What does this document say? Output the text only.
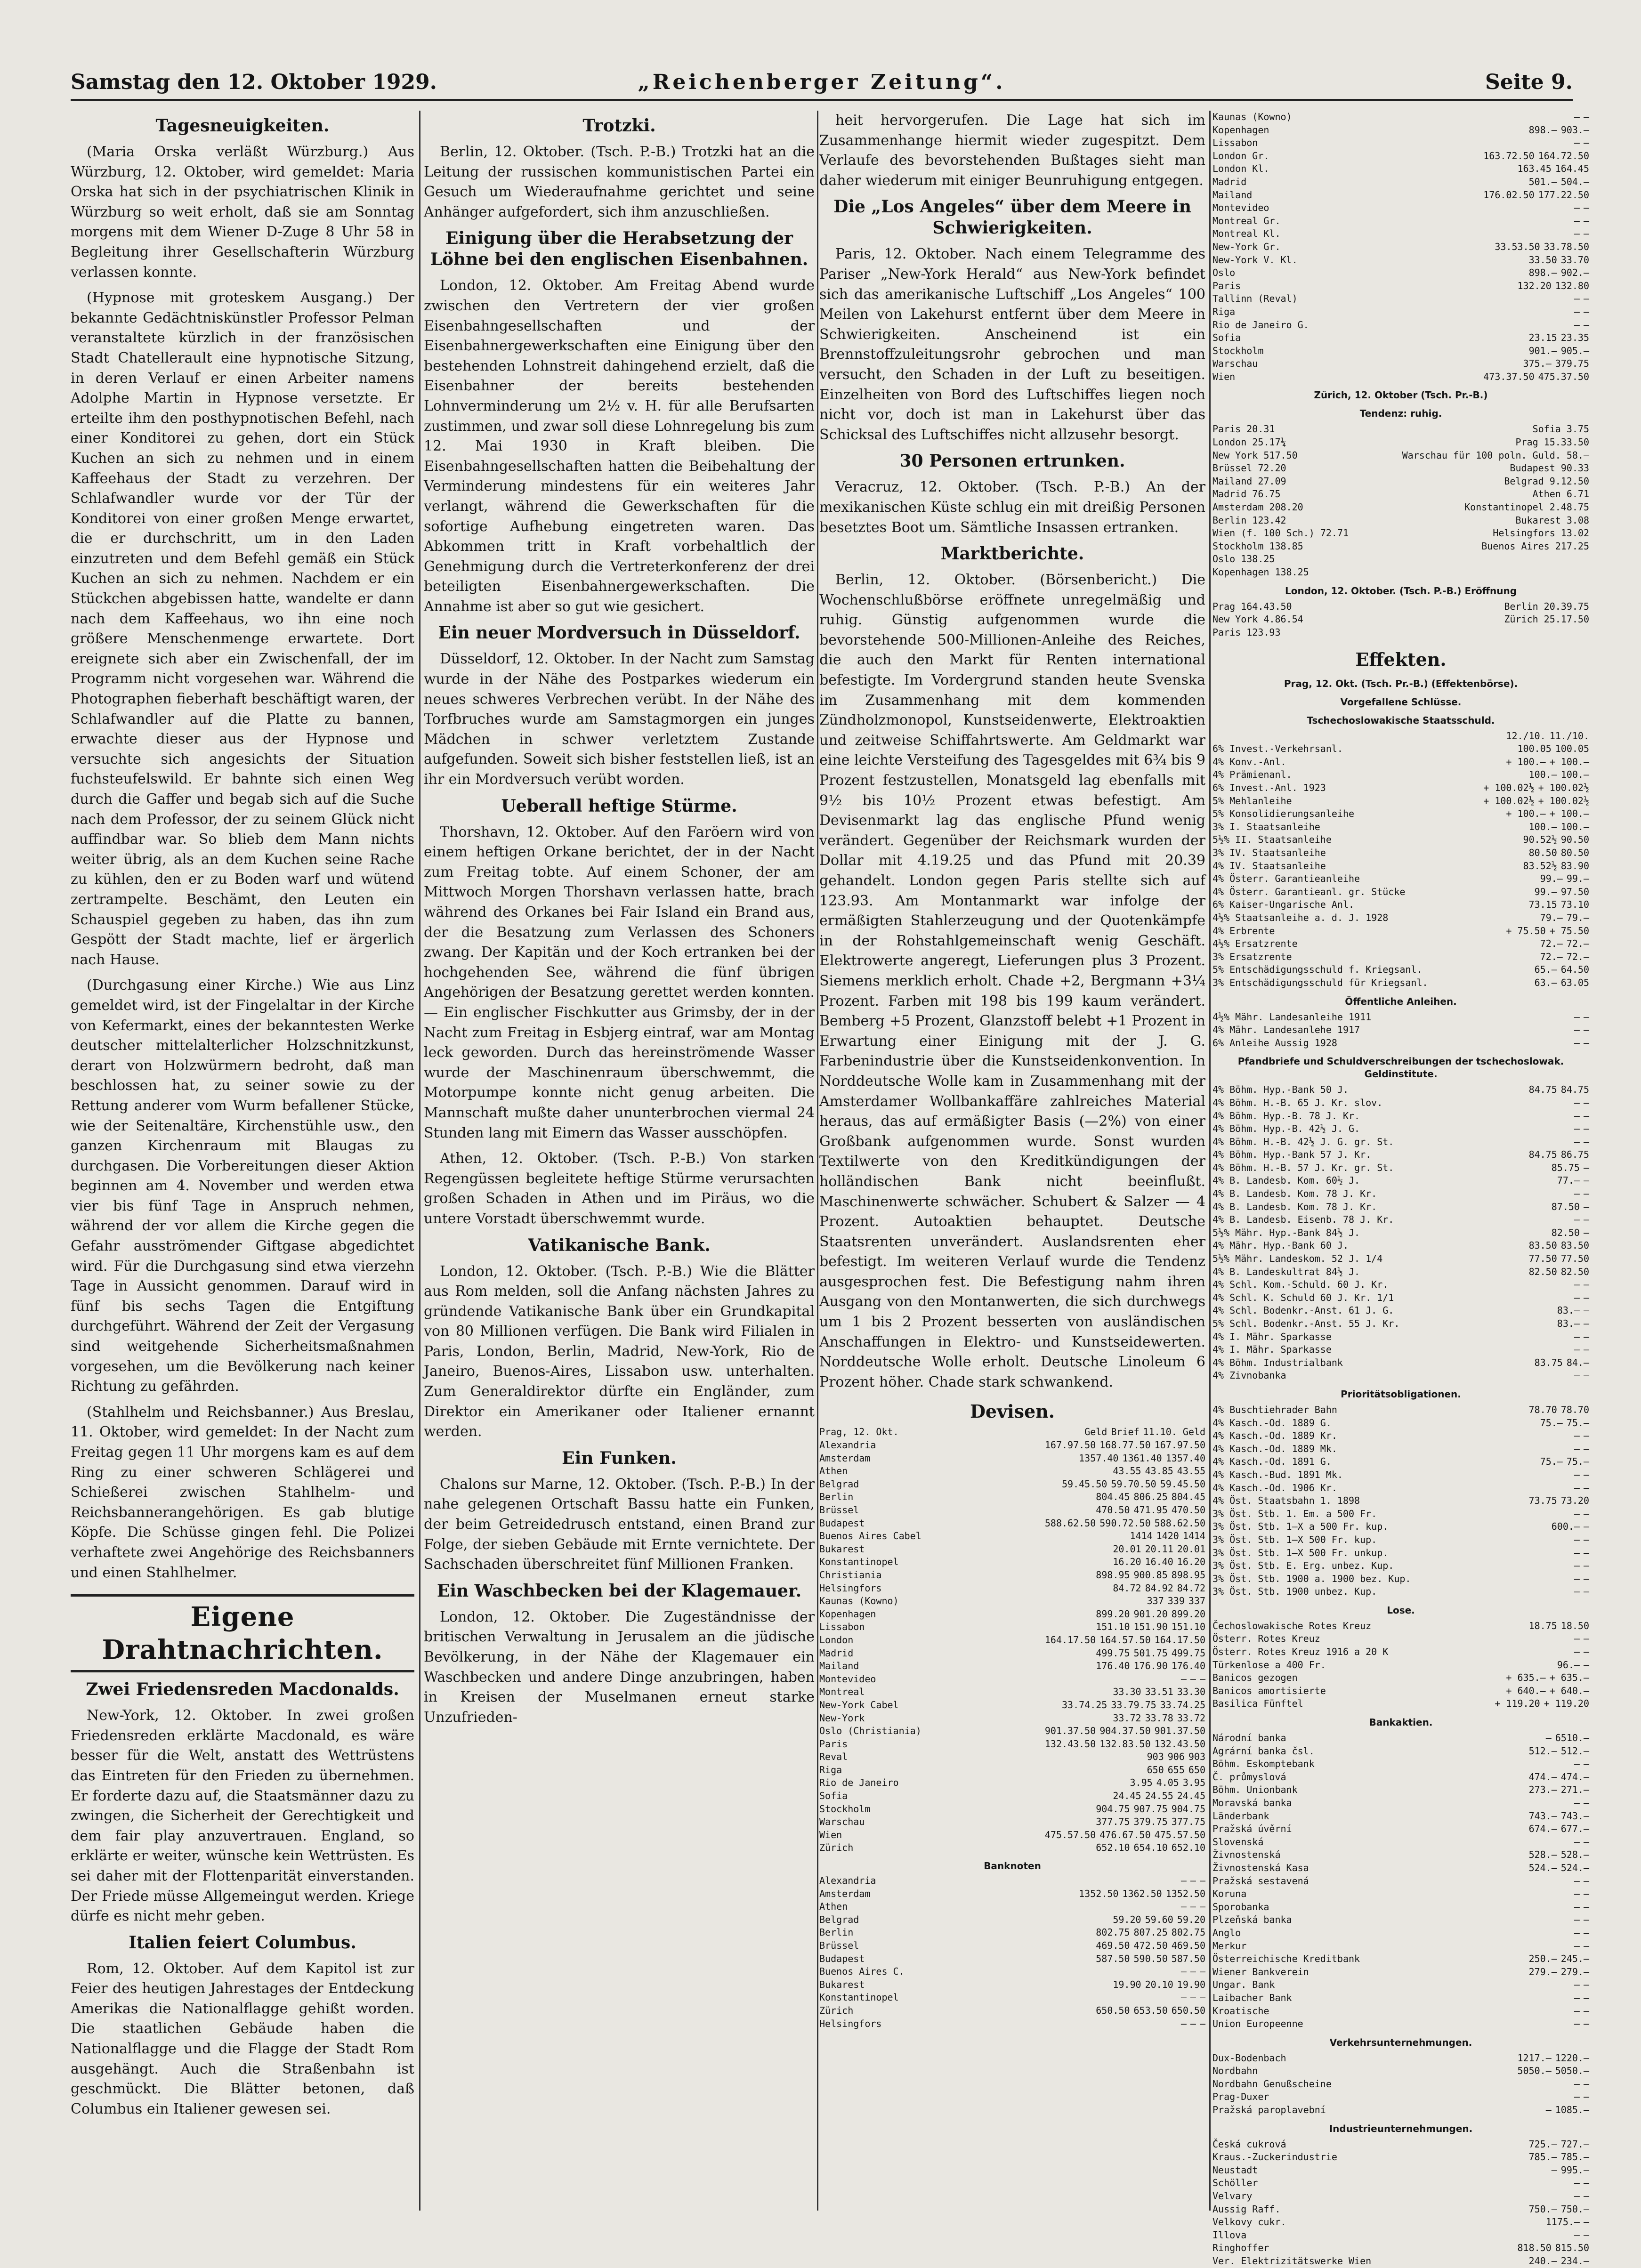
Samstag den 12. Oktober 1929.	„Reichenberger Zeitung“.	Seite 9.
Tagesneuigkeiten.

(Maria Orska verläßt Würzburg.) Aus Würzburg, 12. Oktober, wird gemeldet: Maria Orska hat sich in der psychiatrischen Klinik in Würzburg so weit erholt, daß sie am Sonntag morgens mit dem Wiener D-Zuge 8 Uhr 58 in Begleitung ihrer Gesellschafterin Würzburg verlassen konnte.

(Hypnose mit groteskem Ausgang.) Der bekannte Gedächtniskünstler Professor Pelman veranstaltete kürzlich in der französischen Stadt Chatellerault eine hypnotische Sitzung, in deren Verlauf er einen Arbeiter namens Adolphe Martin in Hypnose versetzte. Er erteilte ihm den posthypnotischen Befehl, nach einer Konditorei zu gehen, dort ein Stück Kuchen an sich zu nehmen und in einem Kaffeehaus der Stadt zu verzehren. Der Schlafwandler wurde vor der Tür der Konditorei von einer großen Menge erwartet, die er durchschritt, um in den Laden einzutreten und dem Befehl gemäß ein Stück Kuchen an sich zu nehmen. Nachdem er ein Stückchen abgebissen hatte, wandelte er dann nach dem Kaffeehaus, wo ihn eine noch größere Menschenmenge erwartete. Dort ereignete sich aber ein Zwischenfall, der im Programm nicht vorgesehen war. Während die Photographen fieberhaft beschäftigt waren, der Schlafwandler auf die Platte zu bannen, erwachte dieser aus der Hypnose und versuchte sich angesichts der Situation fuchsteufelswild. Er bahnte sich einen Weg durch die Gaffer und begab sich auf die Suche nach dem Professor, der zu seinem Glück nicht auffindbar war. So blieb dem Mann nichts weiter übrig, als an dem Kuchen seine Rache zu kühlen, den er zu Boden warf und wütend zertrampelte. Beschämt, den Leuten ein Schauspiel gegeben zu haben, das ihn zum Gespött der Stadt machte, lief er ärgerlich nach Hause.

(Durchgasung einer Kirche.) Wie aus Linz gemeldet wird, ist der Fingelaltar in der Kirche von Kefermarkt, eines der bekanntesten Werke deutscher mittelalterlicher Holzschnitzkunst, derart von Holzwürmern bedroht, daß man beschlossen hat, zu seiner sowie zu der Rettung anderer vom Wurm befallener Stücke, wie der Seitenaltäre, Kirchenstühle usw., den ganzen Kirchenraum mit Blaugas zu durchgasen. Die Vorbereitungen dieser Aktion beginnen am 4. November und werden etwa vier bis fünf Tage in Anspruch nehmen, während der vor allem die Kirche gegen die Gefahr ausströmender Giftgase abgedichtet wird. Für die Durchgasung sind etwa vierzehn Tage in Aussicht genommen. Darauf wird in fünf bis sechs Tagen die Entgiftung durchgeführt. Während der Zeit der Vergasung sind weitgehende Sicherheitsmaßnahmen vorgesehen, um die Bevölkerung nach keiner Richtung zu gefährden.

(Stahlhelm und Reichsbanner.) Aus Breslau, 11. Oktober, wird gemeldet: In der Nacht zum Freitag gegen 11 Uhr morgens kam es auf dem Ring zu einer schweren Schlägerei und Schießerei zwischen Stahlhelm- und Reichsbannerangehörigen. Es gab blutige Köpfe. Die Schüsse gingen fehl. Die Polizei verhaftete zwei Angehörige des Reichsbanners und einen Stahlhelmer.

Eigene Drahtnachrichten.
Zwei Friedensreden Macdonalds.

New-York, 12. Oktober. In zwei großen Friedensreden erklärte Macdonald, es wäre besser für die Welt, anstatt des Wettrüstens das Eintreten für den Frieden zu übernehmen. Er forderte dazu auf, die Staatsmänner dazu zu zwingen, die Sicherheit der Gerechtigkeit und dem fair play anzuvertrauen. England, so erklärte er weiter, wünsche kein Wettrüsten. Es sei daher mit der Flottenparität einverstanden. Der Friede müsse Allgemeingut werden. Kriege dürfe es nicht mehr geben.

Italien feiert Columbus.

Rom, 12. Oktober. Auf dem Kapitol ist zur Feier des heutigen Jahrestages der Entdeckung Amerikas die Nationalflagge gehißt worden. Die staatlichen Gebäude haben die Nationalflagge und die Flagge der Stadt Rom ausgehängt. Auch die Straßenbahn ist geschmückt. Die Blätter betonen, daß Columbus ein Italiener gewesen sei.

Trotzki.

Berlin, 12. Oktober. (Tsch. P.-B.) Trotzki hat an die Leitung der russischen kommunistischen Partei ein Gesuch um Wiederaufnahme gerichtet und seine Anhänger aufgefordert, sich ihm anzuschließen.

Einigung über die Herabsetzung der Löhne bei den englischen Eisenbahnen.

London, 12. Oktober. Am Freitag Abend wurde zwischen den Vertretern der vier großen Eisenbahngesellschaften und der Eisenbahnergewerkschaften eine Einigung über den bestehenden Lohnstreit dahingehend erzielt, daß die Eisenbahner der bereits bestehenden Lohnverminderung um 2½ v. H. für alle Berufsarten zustimmen, und zwar soll diese Lohnregelung bis zum 12. Mai 1930 in Kraft bleiben. Die Eisenbahngesellschaften hatten die Beibehaltung der Verminderung mindestens für ein weiteres Jahr verlangt, während die Gewerkschaften für die sofortige Aufhebung eingetreten waren. Das Abkommen tritt in Kraft vorbehaltlich der Genehmigung durch die Vertreterkonferenz der drei beteiligten Eisenbahnergewerkschaften. Die Annahme ist aber so gut wie gesichert.

Ein neuer Mordversuch in Düsseldorf.

Düsseldorf, 12. Oktober. In der Nacht zum Samstag wurde in der Nähe des Postparkes wiederum ein neues schweres Verbrechen verübt. In der Nähe des Torfbruches wurde am Samstagmorgen ein junges Mädchen in schwer verletztem Zustande aufgefunden. Soweit sich bisher feststellen ließ, ist an ihr ein Mordversuch verübt worden.

Ueberall heftige Stürme.

Thorshavn, 12. Oktober. Auf den Faröern wird von einem heftigen Orkane berichtet, der in der Nacht zum Freitag tobte. Auf einem Schoner, der am Mittwoch Morgen Thorshavn verlassen hatte, brach während des Orkanes bei Fair Island ein Brand aus, der die Besatzung zum Verlassen des Schoners zwang. Der Kapitän und der Koch ertranken bei der hochgehenden See, während die fünf übrigen Angehörigen der Besatzung gerettet werden konnten. — Ein englischer Fischkutter aus Grimsby, der in der Nacht zum Freitag in Esbjerg eintraf, war am Montag leck geworden. Durch das hereinströmende Wasser wurde der Maschinenraum überschwemmt, die Motorpumpe konnte nicht genug arbeiten. Die Mannschaft mußte daher ununterbrochen viermal 24 Stunden lang mit Eimern das Wasser ausschöpfen.

Athen, 12. Oktober. (Tsch. P.-B.) Von starken Regengüssen begleitete heftige Stürme verursachten großen Schaden in Athen und im Piräus, wo die untere Vorstadt überschwemmt wurde.

Vatikanische Bank.

London, 12. Oktober. (Tsch. P.-B.) Wie die Blätter aus Rom melden, soll die Anfang nächsten Jahres zu gründende Vatikanische Bank über ein Grundkapital von 80 Millionen verfügen. Die Bank wird Filialen in Paris, London, Berlin, Madrid, New-York, Rio de Janeiro, Buenos-Aires, Lissabon usw. unterhalten. Zum Generaldirektor dürfte ein Engländer, zum Direktor ein Amerikaner oder Italiener ernannt werden.

Ein Funken.

Chalons sur Marne, 12. Oktober. (Tsch. P.-B.) In der nahe gelegenen Ortschaft Bassu hatte ein Funken, der beim Getreidedrusch entstand, einen Brand zur Folge, der sieben Gebäude mit Ernte vernichtete. Der Sachschaden überschreitet fünf Millionen Franken.

Ein Waschbecken bei der Klagemauer.

London, 12. Oktober. Die Zugeständnisse der britischen Verwaltung in Jerusalem an die jüdische Bevölkerung, in der Nähe der Klagemauer ein Waschbecken und andere Dinge anzubringen, haben in Kreisen der Muselmanen erneut starke Unzufrieden-

heit hervorgerufen. Die Lage hat sich im Zusammenhange hiermit wieder zugespitzt. Dem Verlaufe des bevorstehenden Bußtages sieht man daher wiederum mit einiger Beunruhigung entgegen.

Die „Los Angeles“ über dem Meere in Schwierigkeiten.

Paris, 12. Oktober. Nach einem Telegramme des Pariser „New-York Herald“ aus New-York befindet sich das amerikanische Luftschiff „Los Angeles“ 100 Meilen von Lakehurst entfernt über dem Meere in Schwierigkeiten. Anscheinend ist ein Brennstoffzuleitungsrohr gebrochen und man versucht, den Schaden in der Luft zu beseitigen. Einzelheiten von Bord des Luftschiffes liegen noch nicht vor, doch ist man in Lakehurst über das Schicksal des Luftschiffes nicht allzusehr besorgt.

30 Personen ertrunken.

Veracruz, 12. Oktober. (Tsch. P.-B.) An der mexikanischen Küste schlug ein mit dreißig Personen besetztes Boot um. Sämtliche Insassen ertranken.

Marktberichte.

Berlin, 12. Oktober. (Börsenbericht.) Die Wochenschlußbörse eröffnete unregelmäßig und ruhig. Günstig aufgenommen wurde die bevorstehende 500-Millionen-Anleihe des Reiches, die auch den Markt für Renten international befestigte. Im Vordergrund standen heute Svenska im Zusammenhang mit dem kommenden Zündholzmonopol, Kunstseidenwerte, Elektroaktien und zeitweise Schiffahrtswerte. Am Geldmarkt war eine leichte Versteifung des Tagesgeldes mit 6¾ bis 9 Prozent festzustellen, Monatsgeld lag ebenfalls mit 9½ bis 10½ Prozent etwas befestigt. Am Devisenmarkt lag das englische Pfund wenig verändert. Gegenüber der Reichsmark wurden der Dollar mit 4.19.25 und das Pfund mit 20.39 gehandelt. London gegen Paris stellte sich auf 123.93. Am Montanmarkt war infolge der ermäßigten Stahlerzeugung und der Quotenkämpfe in der Rohstahlgemeinschaft wenig Geschäft. Elektrowerte angeregt, Lieferungen plus 3 Prozent. Siemens merklich erholt. Chade +2, Bergmann +3¼ Prozent. Farben mit 198 bis 199 kaum verändert. Bemberg +5 Prozent, Glanzstoff belebt +1 Prozent in Erwartung einer Einigung mit der J. G. Farbenindustrie über die Kunstseidenkonvention. In Norddeutsche Wolle kam in Zusammenhang mit der Amsterdamer Wollbankaffäre zahlreiches Material heraus, das auf ermäßigter Basis (—2%) von einer Großbank aufgenommen wurde. Sonst wurden Textilwerte von den Kreditkündigungen der holländischen Bank nicht beeinflußt. Maschinenwerte schwächer. Schubert & Salzer — 4 Prozent. Autoaktien behauptet. Deutsche Staatsrenten unverändert. Auslandsrenten eher befestigt. Im weiteren Verlauf wurde die Tendenz ausgesprochen fest. Die Befestigung nahm ihren Ausgang von den Montanwerten, die sich durchwegs um 1 bis 2 Prozent besserten von ausländischen Anschaffungen in Elektro- und Kunstseidewerten. Norddeutsche Wolle erholt. Deutsche Linoleum 6 Prozent höher. Chade stark schwankend.

Devisen.
Prag, 12. Okt.	Geld Brief 11.10. Geld
Alexandria	167.97.50 168.77.50 167.97.50
Amsterdam	1357.40 1361.40 1357.40
Athen	43.55 43.85 43.55
Belgrad	59.45.50 59.70.50 59.45.50
Berlin	804.45 806.25 804.45
Brüssel	470.50 471.95 470.50
Budapest	588.62.50 590.72.50 588.62.50
Buenos Aires Cabel	1414 1420 1414
Bukarest	20.01 20.11 20.01
Konstantinopel	16.20 16.40 16.20
Christiania	898.95 900.85 898.95
Helsingfors	84.72 84.92 84.72
Kaunas (Kowno)	337 339 337
Kopenhagen	899.20 901.20 899.20
Lissabon	151.10 151.90 151.10
London	164.17.50 164.57.50 164.17.50
Madrid	499.75 501.75 499.75
Mailand	176.40 176.90 176.40
Montevideo	— — —
Montreal	33.30 33.51 33.30
New-York Cabel	33.74.25 33.79.75 33.74.25
New-York	33.72 33.78 33.72
Oslo (Christiania)	901.37.50 904.37.50 901.37.50
Paris	132.43.50 132.83.50 132.43.50
Reval	903 906 903
Riga	650 655 650
Rio de Janeiro	3.95 4.05 3.95
Sofia	24.45 24.55 24.45
Stockholm	904.75 907.75 904.75
Warschau	377.75 379.75 377.75
Wien	475.57.50 476.67.50 475.57.50
Zürich	652.10 654.10 652.10
Banknoten
Alexandria	— — —
Amsterdam	1352.50 1362.50 1352.50
Athen	— — —
Belgrad	59.20 59.60 59.20
Berlin	802.75 807.25 802.75
Brüssel	469.50 472.50 469.50
Budapest	587.50 590.50 587.50
Buenos Aires C.	— — —
Bukarest	19.90 20.10 19.90
Konstantinopel	— — —
Zürich	650.50 653.50 650.50
Helsingfors	— — —
Kaunas (Kowno)	— —
Kopenhagen	898.— 903.—
Lissabon	— —
London Gr.	163.72.50 164.72.50
London Kl.	163.45 164.45
Madrid	501.— 504.—
Mailand	176.02.50 177.22.50
Montevideo	— —
Montreal Gr.	— —
Montreal Kl.	— —
New-York Gr.	33.53.50 33.78.50
New-York V. Kl.	33.50 33.70
Oslo	898.— 902.—
Paris	132.20 132.80
Tallinn (Reval)	— —
Riga	— —
Rio de Janeiro G.	— —
Sofia	23.15 23.35
Stockholm	901.— 905.—
Warschau	375.— 379.75
Wien	473.37.50 475.37.50
Zürich, 12. Oktober (Tsch. Pr.-B.)
Tendenz: ruhig.
Paris 20.31	Sofia 3.75
London 25.17¼	Prag 15.33.50
New York 517.50	Warschau für 100 poln. Guld. 58.—
Brüssel 72.20	Budapest 90.33
Mailand 27.09	Belgrad 9.12.50
Madrid 76.75	Athen 6.71
Amsterdam 208.20	Konstantinopel 2.48.75
Berlin 123.42	Bukarest 3.08
Wien (f. 100 Sch.) 72.71	Helsingfors 13.02
Stockholm 138.85	Buenos Aires 217.25
Oslo 138.25
Kopenhagen 138.25
London, 12. Oktober. (Tsch. P.-B.) Eröffnung
Prag 164.43.50	Berlin 20.39.75
New York 4.86.54	Zürich 25.17.50
Paris 123.93
Effekten.
Prag, 12. Okt. (Tsch. Pr.-B.) (Effektenbörse).
Vorgefallene Schlüsse.
Tschechoslowakische Staatsschuld.
12./10. 11./10.
6% Invest.-Verkehrsanl.	100.05 100.05
4% Konv.-Anl.	+ 100.— + 100.—
4% Prämienanl.	100.— 100.—
6% Invest.-Anl. 1923	+ 100.02½ + 100.02½
5% Mehlanleihe	+ 100.02½ + 100.02½
5% Konsolidierungsanleihe	+ 100.— + 100.—
3% I. Staatsanleihe	100.— 100.—
5½% II. Staatsanleihe	90.52½ 90.50
3% IV. Staatsanleihe	80.50 80.50
4% IV. Staatsanleihe	83.52½ 83.90
4% Österr. Garantieanleihe	99.— 99.—
4% Österr. Garantieanl. gr. Stücke	99.— 97.50
6% Kaiser-Ungarische Anl.	73.15 73.10
4½% Staatsanleihe a. d. J. 1928	79.— 79.—
4% Erbrente	+ 75.50 + 75.50
4½% Ersatzrente	72.— 72.—
3% Ersatzrente	72.— 72.—
5% Entschädigungsschuld f. Kriegsanl.	65.— 64.50
3% Entschädigungsschuld für Kriegsanl.	63.— 63.05
Öffentliche Anleihen.
4½% Mähr. Landesanleihe 1911	— —
4% Mähr. Landesanlehe 1917	— —
6% Anleihe Aussig 1928	— —
Pfandbriefe und Schuldverschreibungen der tschechoslowak. Geldinstitute.
4% Böhm. Hyp.-Bank 50 J.	84.75 84.75
4% Böhm. H.-B. 65 J. Kr. slov.	— —
4% Böhm. Hyp.-B. 78 J. Kr.	— —
4% Böhm. Hyp.-B. 42½ J. G.	— —
4% Böhm. H.-B. 42½ J. G. gr. St.	— —
4% Böhm. Hyp.-Bank 57 J. Kr.	84.75 86.75
4% Böhm. H.-B. 57 J. Kr. gr. St.	85.75 —
4% B. Landesb. Kom. 60½ J.	77.— —
4% B. Landesb. Kom. 78 J. Kr.	— —
4% B. Landesb. Kom. 78 J. Kr.	87.50 —
4% B. Landesb. Eisenb. 78 J. Kr.	— —
5½% Mähr. Hyp.-Bank 84½ J.	82.50 —
4% Mähr. Hyp.-Bank 60 J.	83.50 83.50
5½% Mähr. Landeskom. 52 J. 1/4	77.50 77.50
4% B. Landeskultrat 84½ J.	82.50 82.50
4% Schl. Kom.-Schuld. 60 J. Kr.	— —
4% Schl. K. Schuld 60 J. Kr. 1/1	— —
4% Schl. Bodenkr.-Anst. 61 J. G.	83.— —
5% Schl. Bodenkr.-Anst. 55 J. Kr.	83.— —
4% I. Mähr. Sparkasse	— —
4% I. Mähr. Sparkasse	— —
4% Böhm. Industrialbank	83.75 84.—
4% Zivnobanka	— —
Prioritätsobligationen.
4% Buschtiehrader Bahn	78.70 78.70
4% Kasch.-Od. 1889 G.	75.— 75.—
4% Kasch.-Od. 1889 Kr.	— —
4% Kasch.-Od. 1889 Mk.	— —
4% Kasch.-Od. 1891 G.	75.— 75.—
4% Kasch.-Bud. 1891 Mk.	— —
4% Kasch.-Od. 1906 Kr.	— —
4% Öst. Staatsbahn 1. 1898	73.75 73.20
3% Öst. Stb. 1. Em. a 500 Fr.	— —
3% Öst. Stb. 1—X a 500 Fr. kup.	600.— —
3% Öst. Stb. 1—X 500 Fr. kup.	— —
3% Öst. Stb. 1—X 500 Fr. unkup.	— —
3% Öst. Stb. E. Erg. unbez. Kup.	— —
3% Öst. Stb. 1900 a. 1900 bez. Kup.	— —
3% Öst. Stb. 1900 unbez. Kup.	— —
Lose.
Čechoslowakische Rotes Kreuz	18.75 18.50
Österr. Rotes Kreuz	— —
Österr. Rotes Kreuz 1916 a 20 K	— —
Türkenlose a 400 Fr.	96.— —
Banicos gezogen	+ 635.— + 635.—
Banicos amortisierte	+ 640.— + 640.—
Basilica Fünftel	+ 119.20 + 119.20
Bankaktien.
Národní banka	— 6510.—
Agrární banka čsl.	512.— 512.—
Böhm. Eskomptebank	— —
Č. průmyslová	474.— 474.—
Böhm. Unionbank	273.— 271.—
Moravská banka	— —
Länderbank	743.— 743.—
Pražská úvěrní	674.— 677.—
Slovenská	— —
Živnostenská	528.— 528.—
Živnostenská Kasa	524.— 524.—
Pražská sestavená	— —
Koruna	— —
Sporobanka	— —
Plzeňská banka	— —
Anglo	— —
Merkur	— —
Österreichische Kreditbank	250.— 245.—
Wiener Bankverein	279.— 279.—
Ungar. Bank	— —
Laibacher Bank	— —
Kroatische	— —
Union Europeenne	— —
Verkehrsunternehmungen.
Dux-Bodenbach	1217.— 1220.—
Nordbahn	5050.— 5050.—
Nordbahn Genußscheine	— —
Prag-Duxer	— —
Pražská paroplavební	— 1085.—
Industrieunternehmungen.
Česká cukrová	725.— 727.—
Kraus.-Zuckerindustrie	785.— 785.—
Neustadt	— 995.—
Schöller	— —
Velvary	— —
Aussig Raff.	750.— 750.—
Velkovy cukr.	1175.— —
Illova	— —
Ringhoffer	818.50 815.50
Ver. Elektrizitätswerke Wien	240.— 234.—
